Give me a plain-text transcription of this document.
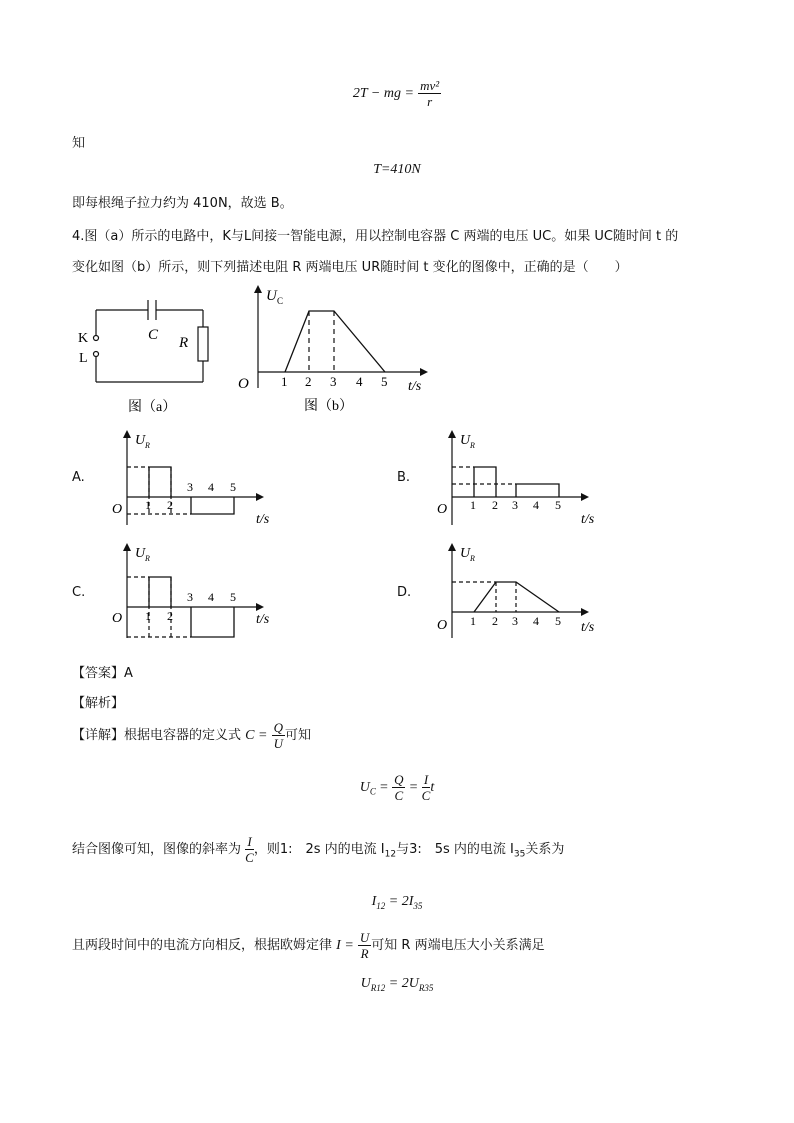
2T − mg = $\frac{\text{mv²}}{r}$
知
T=410N
即每根绳子拉力约为 410N，故选 B。
4.图（a）所示的电路中，K与L间接一智能电源，用以控制电容器 C 两端的电压 UC。如果 UC随时间 t 的
变化如图（b）所示，则下列描述电阻 R 两端电压 UR随时间 t 变化的图像中，正确的是（　　）
K
L
C R
图（a）
U C
O 1 2 3 4 5 t/s
图（b）
A.
U R
O 1 2
3 4 5
t/s
B.
U R
O 1 2 3 4 5
t/s
C.
U R
O 1 2
3 4 5
t/s
D.
U R
O 1 2 3 4 5 t/s
【答案】A
【解析】
【详解】根据电容器的定义式 $C = \frac{Q}{U}$ 可知
$U_C = \frac{Q}{C} = \frac{I}{C}$ t
结合图像可知，图像的斜率为 $\frac{I}{C}$ ，则1:　2s 内的电流 $I_{12}$与3:　5s 内的电流 $I_{35}$关系为
$I_{12} = 2I_{35}$
且两段时间中的电流方向相反，根据欧姆定律 $I = \frac{U}{R}$ 可知 R 两端电压大小关系满足
$U_{R12} = 2U_{R35}$
